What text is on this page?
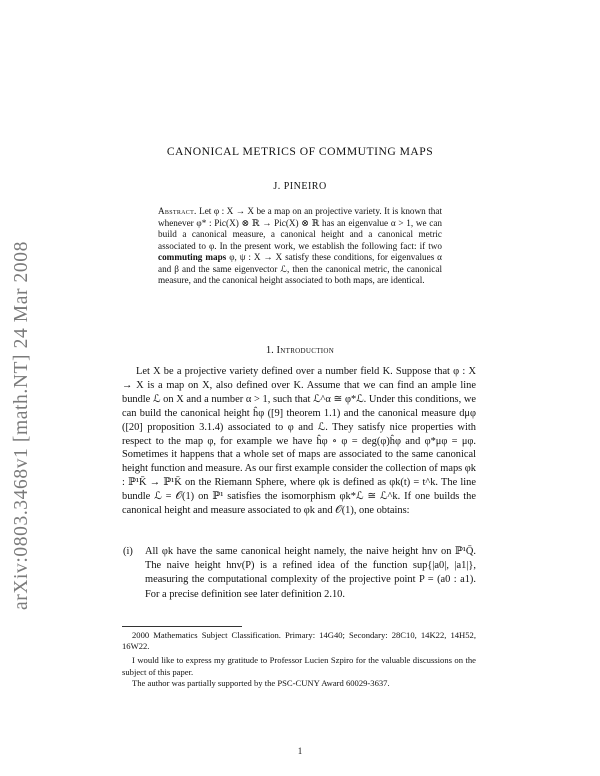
arXiv:0803.3468v1 [math.NT] 24 Mar 2008
CANONICAL METRICS OF COMMUTING MAPS
J. PINEIRO
Abstract. Let φ : X → X be a map on an projective variety. It is known that whenever φ* : Pic(X) ⊗ ℝ → Pic(X) ⊗ ℝ has an eigenvalue α > 1, we can build a canonical measure, a canonical height and a canonical metric associated to φ. In the present work, we establish the following fact: if two commuting maps φ, ψ : X → X satisfy these conditions, for eigenvalues α and β and the same eigenvector ℒ, then the canonical metric, the canonical measure, and the canonical height associated to both maps, are identical.
1. Introduction

Let X be a projective variety defined over a number field K. Suppose that φ : X → X is a map on X, also defined over K. Assume that we can find an ample line bundle ℒ on X and a number α > 1, such that ℒ^α ≅ φ*ℒ. Under this conditions, we can build the canonical height ĥφ ([9] theorem 1.1) and the canonical measure dμφ ([20] proposition 3.1.4) associated to φ and ℒ. They satisfy nice properties with respect to the map φ, for example we have ĥφ ∘ φ = deg(φ)ĥφ and φ*μφ = μφ. Sometimes it happens that a whole set of maps are associated to the same canonical height function and measure. As our first example consider the collection of maps φk : ℙ¹K̄ → ℙ¹K̄ on the Riemann Sphere, where φk is defined as φk(t) = t^k. The line bundle ℒ = 𝒪(1) on ℙ¹ satisfies the isomorphism φk*ℒ ≅ ℒ^k. If one builds the canonical height and measure associated to φk and 𝒪(1), one obtains:

(i) All φk have the same canonical height namely, the naive height hnv on ℙ¹Q̄. The naive height hnv(P) is a refined idea of the function sup{|a0|, |a1|}, measuring the computational complexity of the projective point P = (a0 : a1). For a precise definition see later definition 2.10.

2000 Mathematics Subject Classification. Primary: 14G40; Secondary: 28C10, 14K22, 14H52, 16W22.

I would like to express my gratitude to Professor Lucien Szpiro for the valuable discussions on the subject of this paper.

The author was partially supported by the PSC-CUNY Award 60029-3637.

1
